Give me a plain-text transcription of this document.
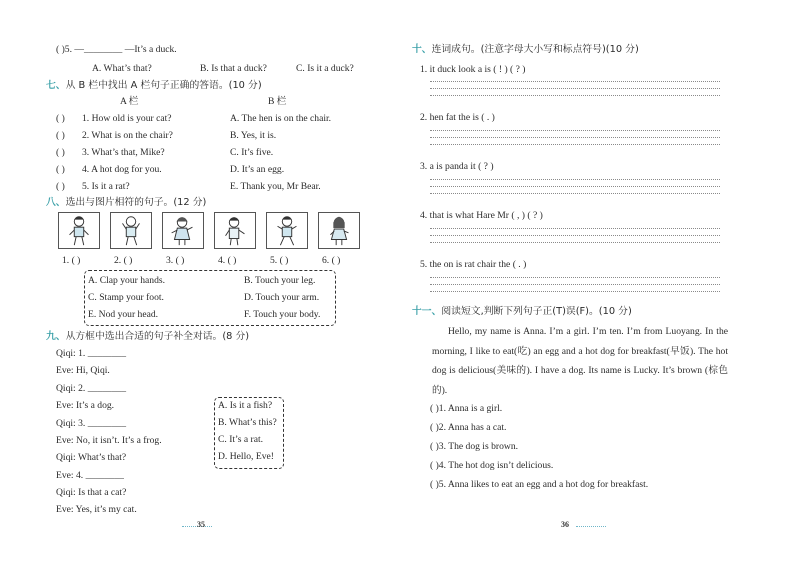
( )5. —________ —It’s a duck.
A. What’s that?	B. Is that a duck?	C. Is it a duck?
七、从 B 栏中找出 A 栏句子正确的答语。(10 分)
A 栏	B 栏
( ) 1. How old is your cat?	A. The hen is on the chair.
( ) 2. What is on the chair?	B. Yes, it is.
( ) 3. What’s that, Mike?	C. It’s five.
( ) 4. A hot dog for you.	D. It’s an egg.
( ) 5. Is it a rat?	E. Thank you, Mr Bear.
八、选出与图片相符的句子。(12 分)
1. ( )	2. ( )	3. ( )	4. ( )	5. ( )	6. ( )
A. Clap your hands.	B. Touch your leg.
C. Stamp your foot.	D. Touch your arm.
E. Nod your head.	F. Touch your body.
九、从方框中选出合适的句子补全对话。(8 分)
Qiqi: 1. ________
Eve: Hi, Qiqi.
Qiqi: 2. ________
Eve: It’s a dog.
Qiqi: 3. ________
Eve: No, it isn’t. It’s a frog.
Qiqi: What’s that?
Eve: 4. ________
Qiqi: Is that a cat?
Eve: Yes, it’s my cat.
A. Is it a fish?
B. What’s this?
C. It’s a rat.
D. Hello, Eve!
35
十、连词成句。(注意字母大小写和标点符号)(10 分)
1. it duck look a is ( ! ) ( ? )
2. hen fat the is ( . )
3. a is panda it ( ? )
4. that is what Hare Mr ( , ) ( ? )
5. the on is rat chair the ( . )
十一、阅读短文,判断下列句子正(T)误(F)。(10 分)
Hello, my name is Anna. I’m a girl. I’m ten. I’m from Luoyang. In the morning, I like to eat(吃) an egg and a hot dog for breakfast(早饭). The hot dog is delicious(美味的). I have a dog. Its name is Lucky. It’s brown (棕色的).
( )1. Anna is a girl.
( )2. Anna has a cat.
( )3. The dog is brown.
( )4. The hot dog isn’t delicious.
( )5. Anna likes to eat an egg and a hot dog for breakfast.
36
